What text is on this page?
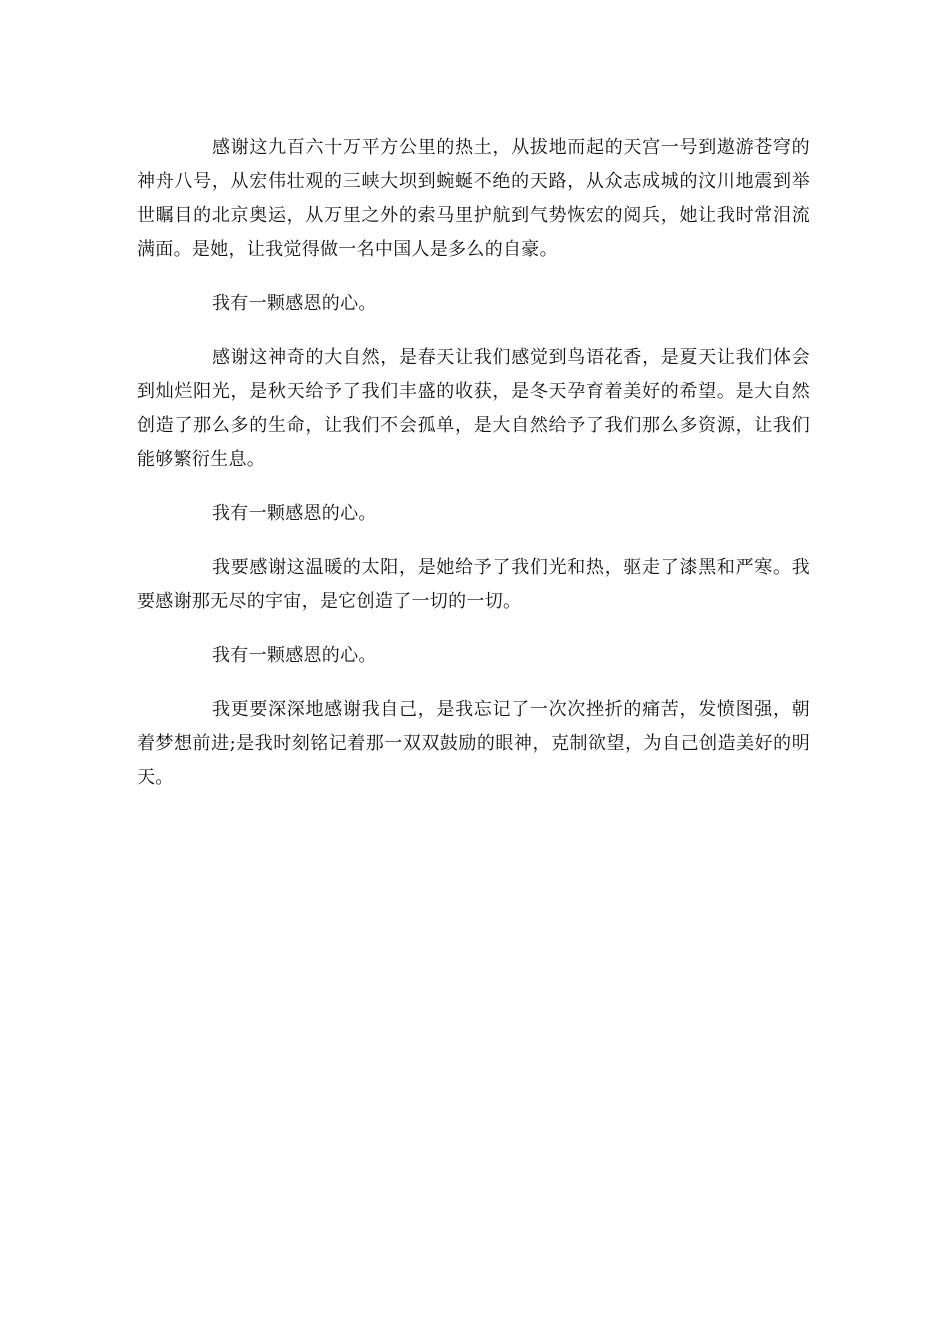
感谢这九百六十万平方公里的热土，从拔地而起的天宫一号到遨游苍穹的神舟八号，从宏伟壮观的三峡大坝到蜿蜒不绝的天路，从众志成城的汶川地震到举世瞩目的北京奥运，从万里之外的索马里护航到气势恢宏的阅兵，她让我时常泪流满面。是她，让我觉得做一名中国人是多么的自豪。

我有一颗感恩的心。

感谢这神奇的大自然，是春天让我们感觉到鸟语花香，是夏天让我们体会到灿烂阳光，是秋天给予了我们丰盛的收获，是冬天孕育着美好的希望。是大自然创造了那么多的生命，让我们不会孤单，是大自然给予了我们那么多资源，让我们能够繁衍生息。

我有一颗感恩的心。

我要感谢这温暖的太阳，是她给予了我们光和热，驱走了漆黑和严寒。我要感谢那无尽的宇宙，是它创造了一切的一切。

我有一颗感恩的心。

我更要深深地感谢我自己，是我忘记了一次次挫折的痛苦，发愤图强，朝着梦想前进;是我时刻铭记着那一双双鼓励的眼神，克制欲望，为自己创造美好的明天。
